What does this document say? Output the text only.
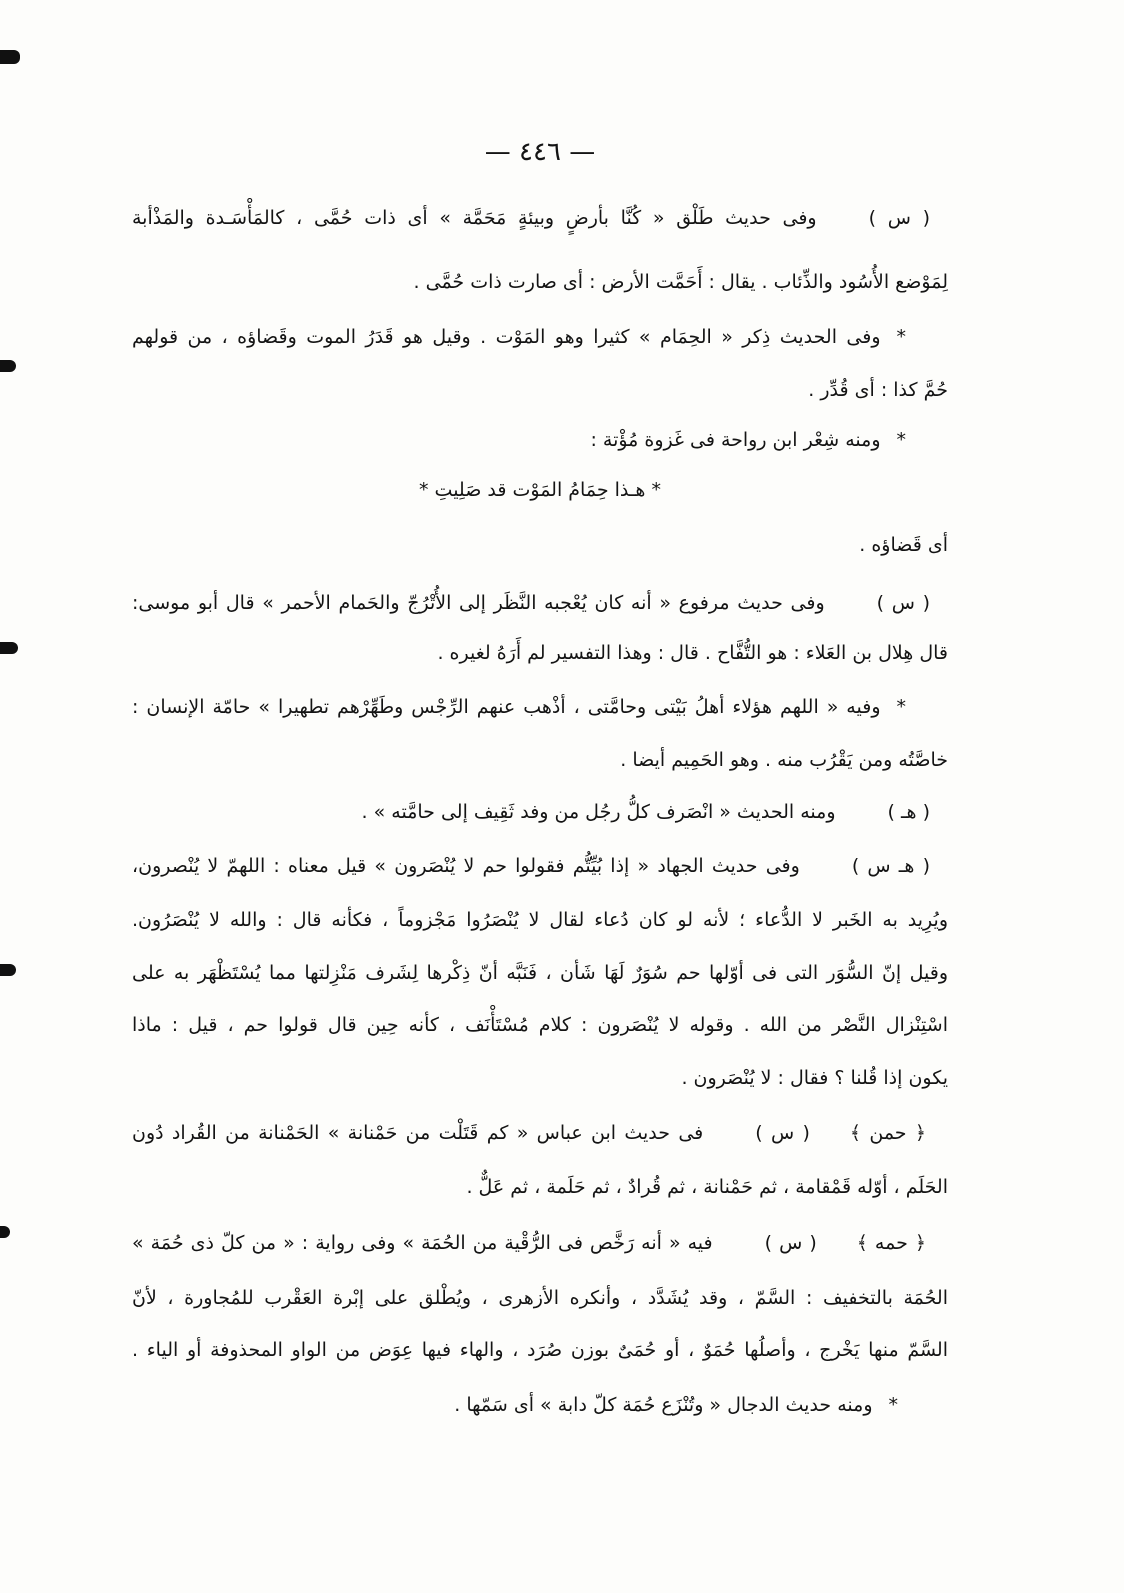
— ٤٤٦ —
( س )وفى حديث طَلْق « كُنَّا بأرضٍ وبيئةٍ مَحَمَّة » أى ذات حُمَّى ، كالمَأْسَـدة والمَذْأبة
لِمَوْضع الأُسُود والذِّئاب . يقال : أَحَمَّت الأرض : أى صارت ذات حُمَّى .
*وفى الحديث ذِكر « الحِمَام » كثيرا وهو المَوْت . وقيل هو قَدَرُ الموت وقَضاؤه ، من قولهم
حُمَّ كذا : أى قُدِّر .
*ومنه شِعْر ابن رواحة فى غَزوة مُؤْتة :
* هـذا حِمَامُ المَوْت قد صَلِيتِ *
أى قَضاؤه .
( س )وفى حديث مرفوع « أنه كان يُعْجبه النَّظَر إلى الأُتْرُجّ والحَمام الأحمر » قال أبو موسى:
قال هِلال بن العَلاء : هو التُّفَّاح . قال : وهذا التفسير لم أَرَهُ لغيره .
*وفيه « اللهم هؤلاء أهلُ بَيْتى وحامَّتى ، أذْهب عنهم الرِّجْس وطَهِّرْهم تطهيرا » حامّة الإنسان :
خاصَّتُه ومن يَقْرُب منه . وهو الحَمِيم أيضا .
( هـ )ومنه الحديث « انْصَرف كلُّ رجُل من وفد ثَقِيف إلى حامَّته » .
( هـ س )وفى حديث الجهاد « إذا بُيِّتُّم فقولوا حم لا يُنْصَرون » قيل معناه : اللهمّ لا يُنْصرون،
ويُرِيد به الخَبر لا الدُّعاء ؛ لأنه لو كان دُعاء لقال لا يُنْصَرُوا مَجْزوماً ، فكأنه قال : والله لا يُنْصَرُون.
وقيل إنّ السُّوَر التى فى أوّلها حم سُوَرٌ لَهَا شَأن ، فَنَبَّه أنّ ذِكْرها لِشَرف مَنْزِلتها مما يُسْتَظْهَر به على
اسْتِنْزال النَّصْر من الله . وقوله لا يُنْصَرون : كلام مُسْتَأْنَف ، كأنه حِين قال قولوا حم ، قيل : ماذا
يكون إذا قُلنا ؟ فقال : لا يُنْصَرون .
﴿ حمن ﴾( س )فى حديث ابن عباس « كم قَتَلْت من حَمْنانة » الحَمْنانة من القُراد دُون
الحَلَم ، أوّله قَمْقامة ، ثم حَمْنانة ، ثم قُرادٌ ، ثم حَلَمة ، ثم عَلٌّ .
﴿ حمه ﴾( س )فيه « أنه رَخَّص فى الرُّقْية من الحُمَة » وفى رواية : « من كلّ ذى حُمَة »
الحُمَة بالتخفيف : السَّمّ ، وقد يُشَدَّد ، وأنكره الأزهرى ، ويُطْلق على إبْرة العَقْرب للمُجاورة ، لأنّ
السَّمّ منها يَخْرج ، وأصلُها حُمَوٌ ، أو حُمَىٌ بوزن صُرَد ، والهاء فيها عِوَض من الواو المحذوفة أو الياء .
*ومنه حديث الدجال « وتُنْزَع حُمَة كلّ دابة » أى سَمّها .
